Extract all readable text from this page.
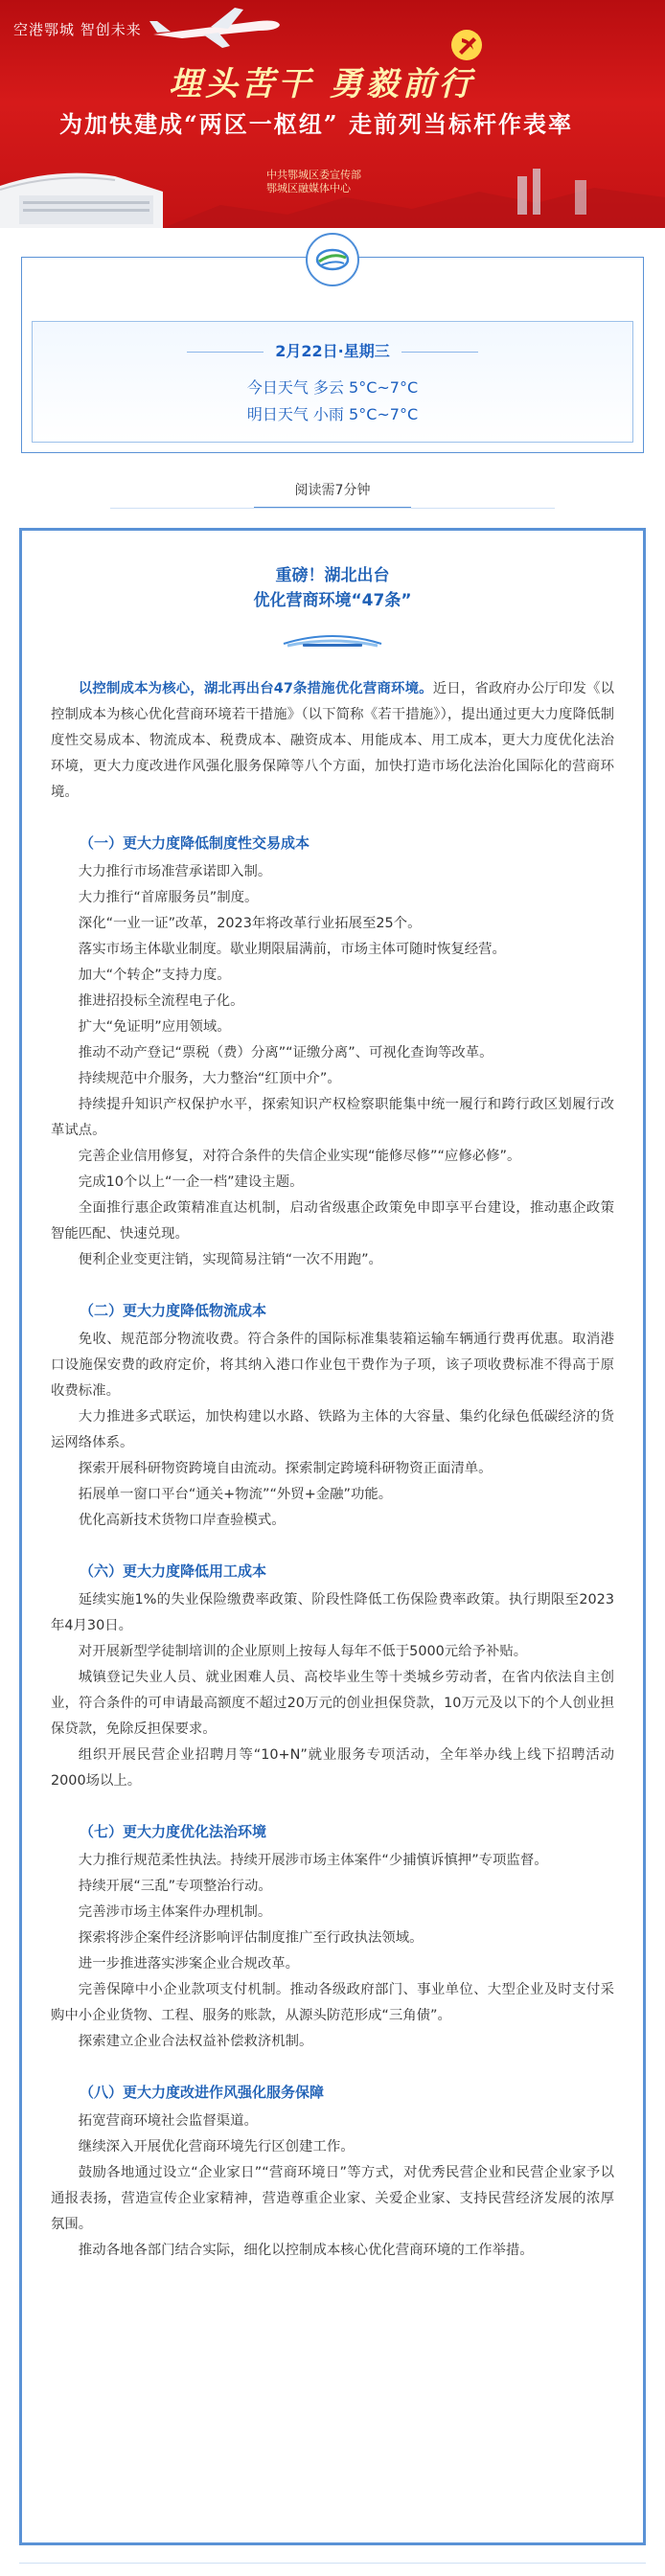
空港鄂城 智创未来
埋头苦干 勇毅前行
为加快建成“两区一枢纽” 走前列当标杆作表率
中共鄂城区委宣传部
鄂城区融媒体中心
2月22日·星期三
今日天气 多云 5°C~7°C
明日天气 小雨 5°C~7°C
阅读需7分钟
重磅！湖北出台
优化营商环境“47条”

以控制成本为核心，湖北再出台47条措施优化营商环境。近日，省政府办公厅印发《以控制成本为核心优化营商环境若干措施》（以下简称《若干措施》），提出通过更大力度降低制度性交易成本、物流成本、税费成本、融资成本、用能成本、用工成本，更大力度优化法治环境，更大力度改进作风强化服务保障等八个方面，加快打造市场化法治化国际化的营商环境。

（一）更大力度降低制度性交易成本

大力推行市场准营承诺即入制。

大力推行“首席服务员”制度。

深化“一业一证”改革，2023年将改革行业拓展至25个。

落实市场主体歇业制度。歇业期限届满前，市场主体可随时恢复经营。

加大“个转企”支持力度。

推进招投标全流程电子化。

扩大“免证明”应用领域。

推动不动产登记“票税（费）分离”“证缴分离”、可视化查询等改革。

持续规范中介服务，大力整治“红顶中介”。

持续提升知识产权保护水平，探索知识产权检察职能集中统一履行和跨行政区划履行改革试点。

完善企业信用修复，对符合条件的失信企业实现“能修尽修”“应修必修”。

完成10个以上“一企一档”建设主题。

全面推行惠企政策精准直达机制，启动省级惠企政策免申即享平台建设，推动惠企政策智能匹配、快速兑现。

便利企业变更注销，实现简易注销“一次不用跑”。

（二）更大力度降低物流成本

免收、规范部分物流收费。符合条件的国际标准集装箱运输车辆通行费再优惠。取消港口设施保安费的政府定价，将其纳入港口作业包干费作为子项，该子项收费标准不得高于原收费标准。

大力推进多式联运，加快构建以水路、铁路为主体的大容量、集约化绿色低碳经济的货运网络体系。

探索开展科研物资跨境自由流动。探索制定跨境科研物资正面清单。

拓展单一窗口平台“通关+物流”“外贸+金融”功能。

优化高新技术货物口岸查验模式。

（六）更大力度降低用工成本

延续实施1%的失业保险缴费率政策、阶段性降低工伤保险费率政策。执行期限至2023年4月30日。

对开展新型学徒制培训的企业原则上按每人每年不低于5000元给予补贴。

城镇登记失业人员、就业困难人员、高校毕业生等十类城乡劳动者，在省内依法自主创业，符合条件的可申请最高额度不超过20万元的创业担保贷款，10万元及以下的个人创业担保贷款，免除反担保要求。

组织开展民营企业招聘月等“10+N”就业服务专项活动，全年举办线上线下招聘活动2000场以上。

（七）更大力度优化法治环境

大力推行规范柔性执法。持续开展涉市场主体案件“少捕慎诉慎押”专项监督。

持续开展“三乱”专项整治行动。

完善涉市场主体案件办理机制。

探索将涉企案件经济影响评估制度推广至行政执法领域。

进一步推进落实涉案企业合规改革。

完善保障中小企业款项支付机制。推动各级政府部门、事业单位、大型企业及时支付采购中小企业货物、工程、服务的账款，从源头防范形成“三角债”。

探索建立企业合法权益补偿救济机制。

（八）更大力度改进作风强化服务保障

拓宽营商环境社会监督渠道。

继续深入开展优化营商环境先行区创建工作。

鼓励各地通过设立“企业家日”“营商环境日”等方式，对优秀民营企业和民营企业家予以通报表扬，营造宣传企业家精神，营造尊重企业家、关爱企业家、支持民营经济发展的浓厚氛围。

推动各地各部门结合实际，细化以控制成本核心优化营商环境的工作举措。
